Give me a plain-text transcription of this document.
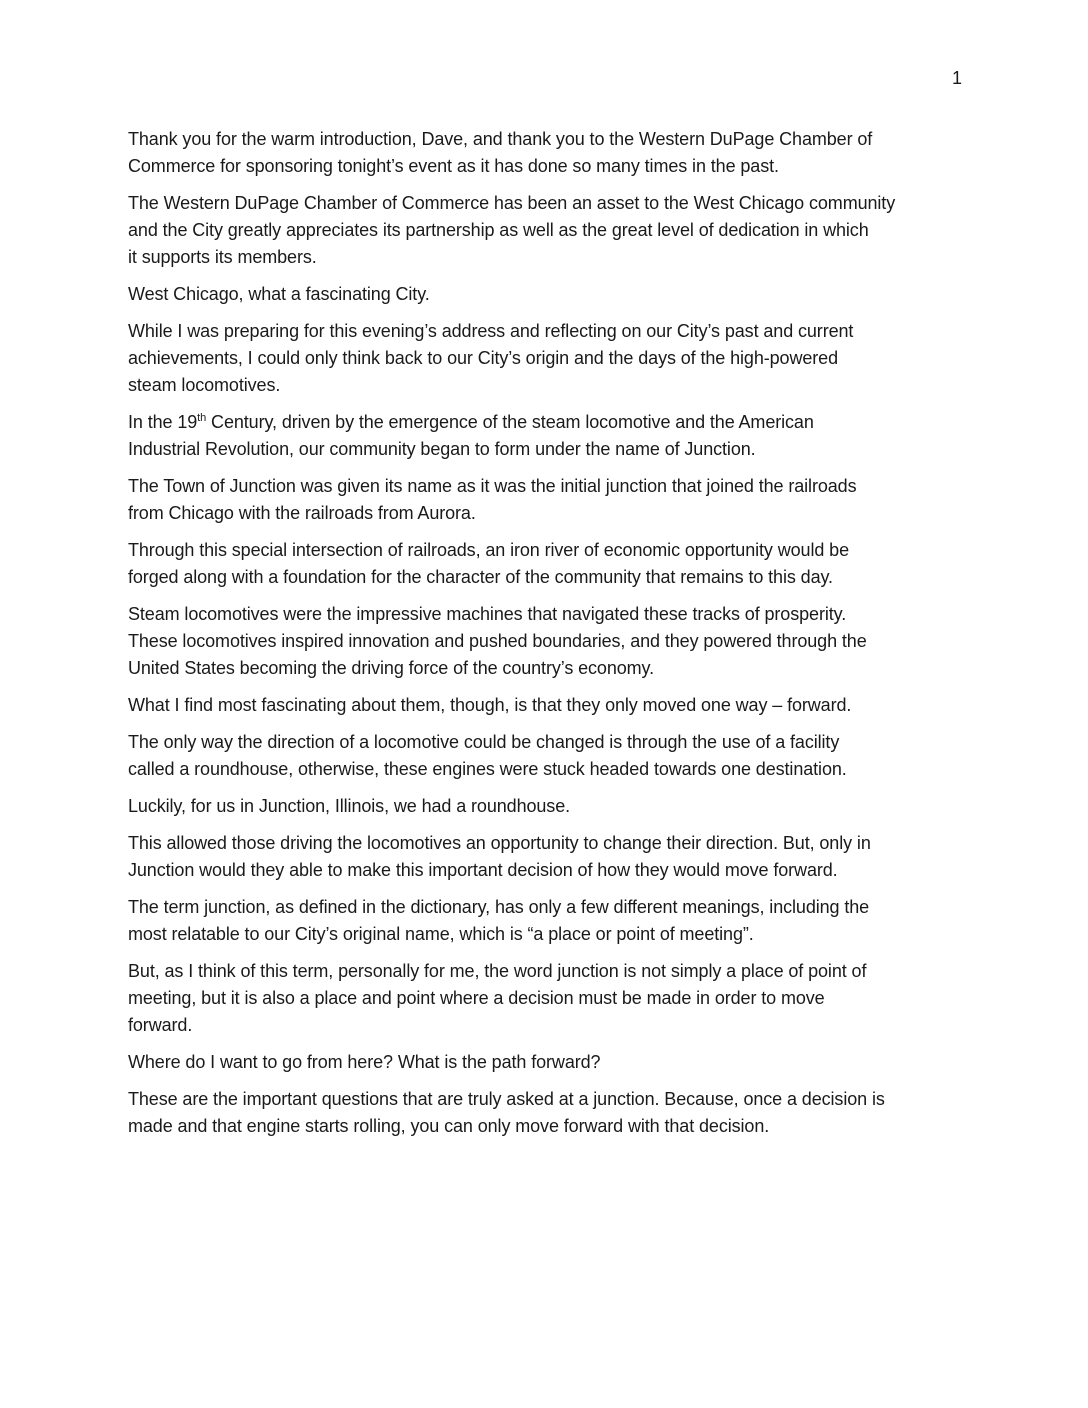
1

Thank you for the warm introduction, Dave, and thank you to the Western DuPage Chamber of
Commerce for sponsoring tonight’s event as it has done so many times in the past.

The Western DuPage Chamber of Commerce has been an asset to the West Chicago community
and the City greatly appreciates its partnership as well as the great level of dedication in which
it supports its members.

West Chicago, what a fascinating City.

While I was preparing for this evening’s address and reflecting on our City’s past and current
achievements, I could only think back to our City’s origin and the days of the high-powered
steam locomotives.

In the 19th Century, driven by the emergence of the steam locomotive and the American
Industrial Revolution, our community began to form under the name of Junction.

The Town of Junction was given its name as it was the initial junction that joined the railroads
from Chicago with the railroads from Aurora.

Through this special intersection of railroads, an iron river of economic opportunity would be
forged along with a foundation for the character of the community that remains to this day.

Steam locomotives were the impressive machines that navigated these tracks of prosperity.
These locomotives inspired innovation and pushed boundaries, and they powered through the
United States becoming the driving force of the country’s economy.

What I find most fascinating about them, though, is that they only moved one way – forward.

The only way the direction of a locomotive could be changed is through the use of a facility
called a roundhouse, otherwise, these engines were stuck headed towards one destination.

Luckily, for us in Junction, Illinois, we had a roundhouse.

This allowed those driving the locomotives an opportunity to change their direction. But, only in
Junction would they able to make this important decision of how they would move forward.

The term junction, as defined in the dictionary, has only a few different meanings, including the
most relatable to our City’s original name, which is “a place or point of meeting”.

But, as I think of this term, personally for me, the word junction is not simply a place of point of
meeting, but it is also a place and point where a decision must be made in order to move
forward.

Where do I want to go from here? What is the path forward?

These are the important questions that are truly asked at a junction. Because, once a decision is
made and that engine starts rolling, you can only move forward with that decision.
